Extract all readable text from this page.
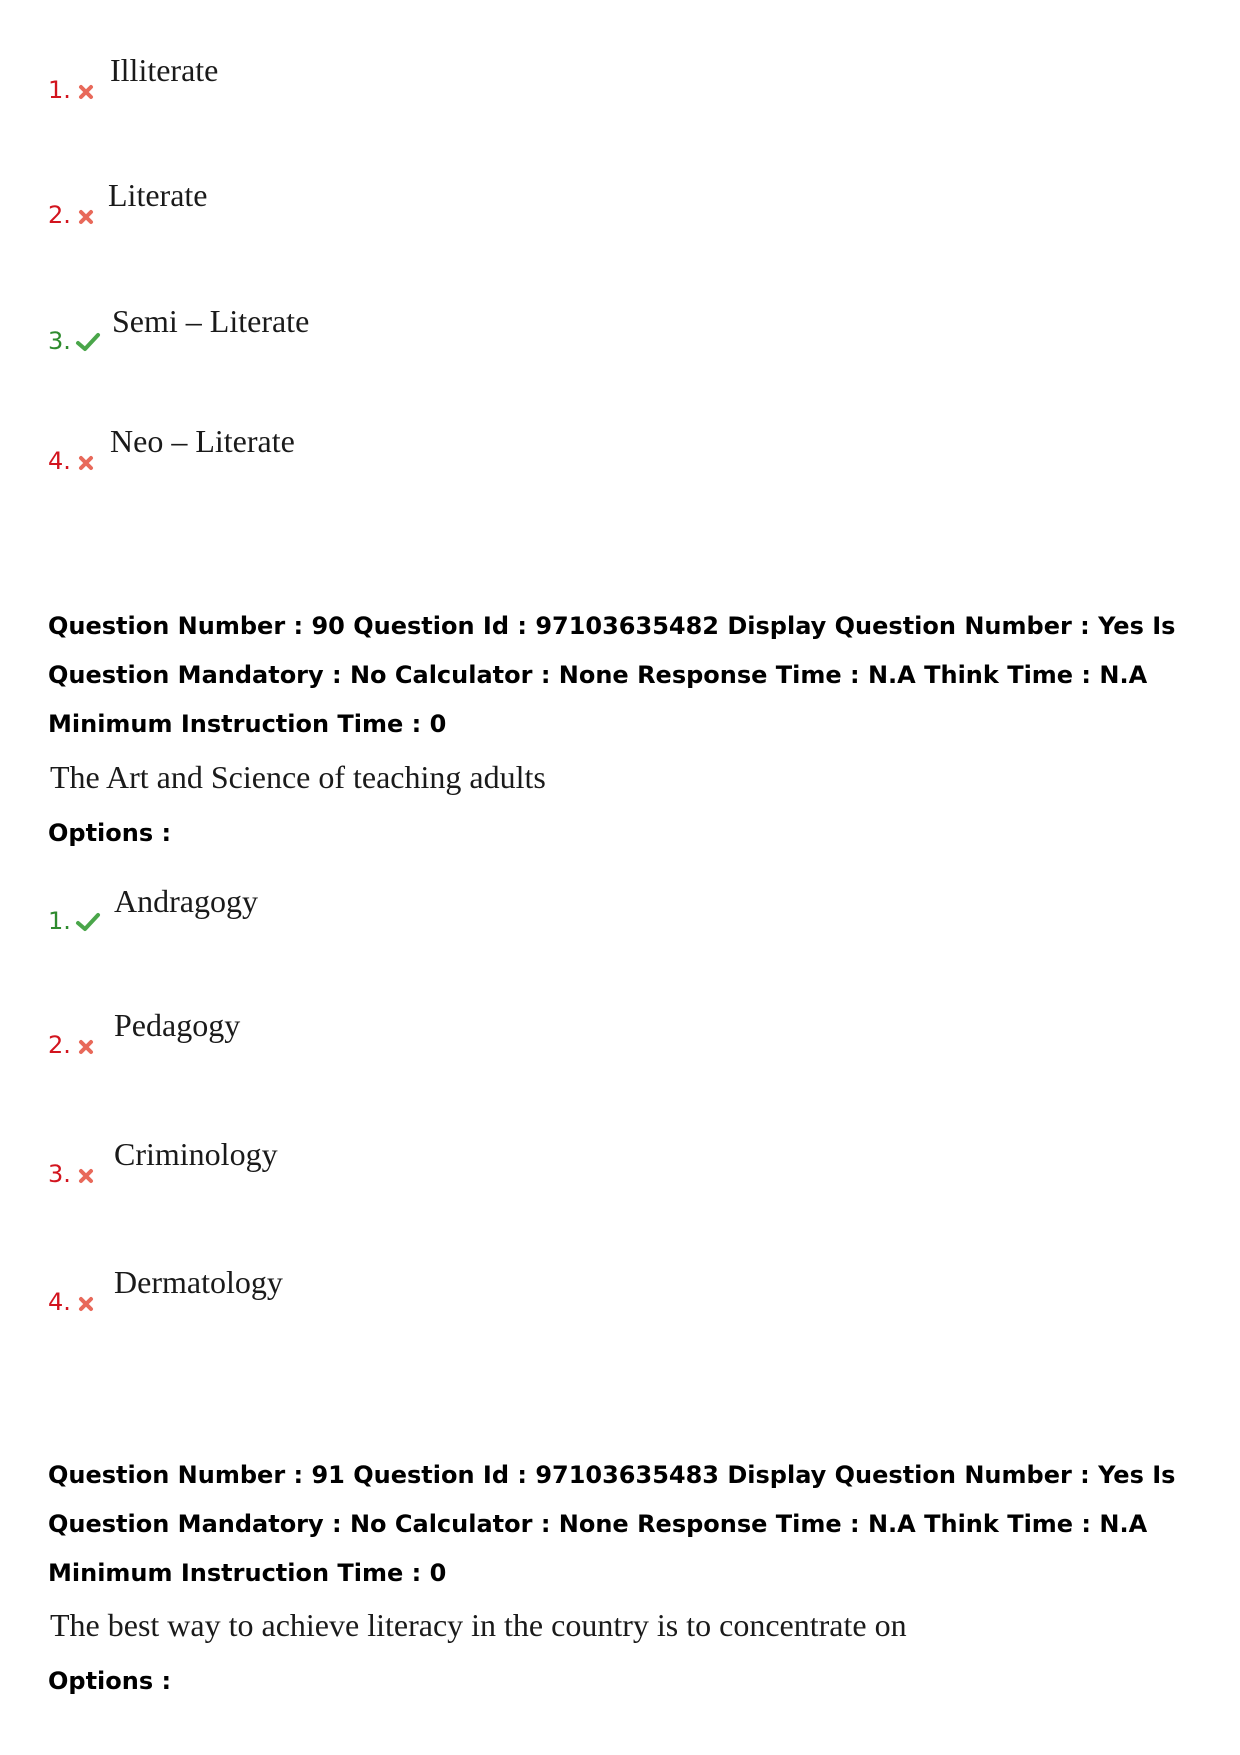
1.
Illiterate
2.
Literate
3.
Semi – Literate
4.
Neo – Literate
Question Number : 90 Question Id : 97103635482 Display Question Number : Yes Is Question Mandatory : No Calculator : None Response Time : N.A Think Time : N.A Minimum Instruction Time : 0
The Art and Science of teaching adults
Options :
1.
Andragogy
2.
Pedagogy
3.
Criminology
4.
Dermatology
Question Number : 91 Question Id : 97103635483 Display Question Number : Yes Is Question Mandatory : No Calculator : None Response Time : N.A Think Time : N.A Minimum Instruction Time : 0
The best way to achieve literacy in the country is to concentrate on
Options :
